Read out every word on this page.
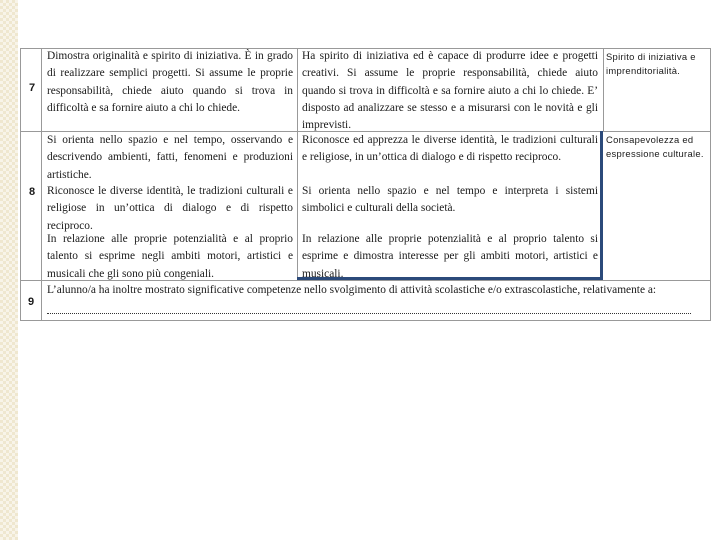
7
8
9
Dimostra originalità e spirito di iniziativa. È in grado di realizzare semplici progetti. Si assume le proprie responsabilità, chiede aiuto quando si trova in difficoltà e sa fornire aiuto a chi lo chiede.
Ha spirito di iniziativa ed è capace di produrre idee e progetti creativi. Si assume le proprie responsabilità, chiede aiuto quando si trova in difficoltà e sa fornire aiuto a chi lo chiede. E’ disposto ad analizzare se stesso e a misurarsi con le novità e gli imprevisti.
Spirito di iniziativa e imprenditorialità.
Si orienta nello spazio e nel tempo, osservando e descrivendo ambienti, fatti, fenomeni e produzioni artistiche.
Riconosce ed apprezza le diverse identità, le tradizioni culturali e religiose, in un’ottica di dialogo e di rispetto reciproco.
Riconosce le diverse identità, le tradizioni culturali e religiose in un’ottica di dialogo e di rispetto reciproco.
Si orienta nello spazio e nel tempo e interpreta i sistemi simbolici e culturali della società.
In relazione alle proprie potenzialità e al proprio talento si esprime negli ambiti motori, artistici e musicali che gli sono più congeniali.
In relazione alle proprie potenzialità e al proprio talento si esprime e dimostra interesse per gli ambiti motori, artistici e musicali.
Consapevolezza ed espressione culturale.
L’alunno/a ha inoltre mostrato significative competenze nello svolgimento di attività scolastiche e/o extrascolastiche, relativamente a:
